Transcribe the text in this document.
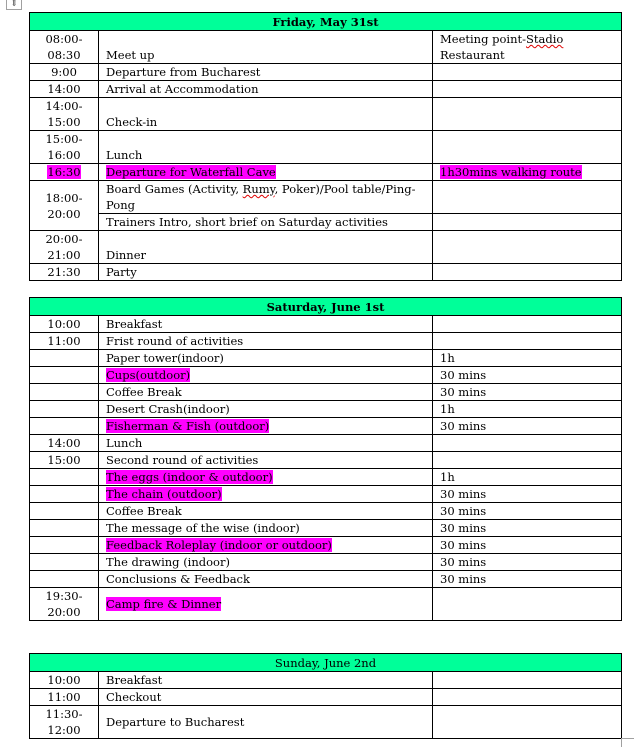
⇕
Friday, May 31st		
08:00-
08:30	Meet up	Meeting point-Stadio
Restaurant
9:00	Departure from Bucharest	
14:00	Arrival at Accommodation	
14:00-
15:00	Check-in	
15:00-
16:00	Lunch	
16:30	Departure for Waterfall Cave	1h30mins walking route
18:00-
20:00	Board Games (Activity, Rumy, Poker)/Pool table/Ping-Pong	
	Trainers Intro, short brief on Saturday activities	
20:00-
21:00	Dinner	
21:30	Party	
Saturday, June 1st		
10:00	Breakfast	
11:00	Frist round of activities	
	Paper tower(indoor)	1h
	Cups(outdoor)	30 mins
	Coffee Break	30 mins
	Desert Crash(indoor)	1h
	Fisherman & Fish (outdoor)	30 mins
14:00	Lunch	
15:00	Second round of activities	
	The eggs (indoor & outdoor)	1h
	The chain (outdoor)	30 mins
	Coffee Break	30 mins
	The message of the wise (indoor)	30 mins
	Feedback Roleplay (indoor or outdoor)	30 mins
	The drawing (indoor)	30 mins
	Conclusions & Feedback	30 mins
19:30-
20:00	Camp fire & Dinner	
Sunday, June 2nd		
10:00	Breakfast	
11:00	Checkout	
11:30-
12:00	Departure to Bucharest	
